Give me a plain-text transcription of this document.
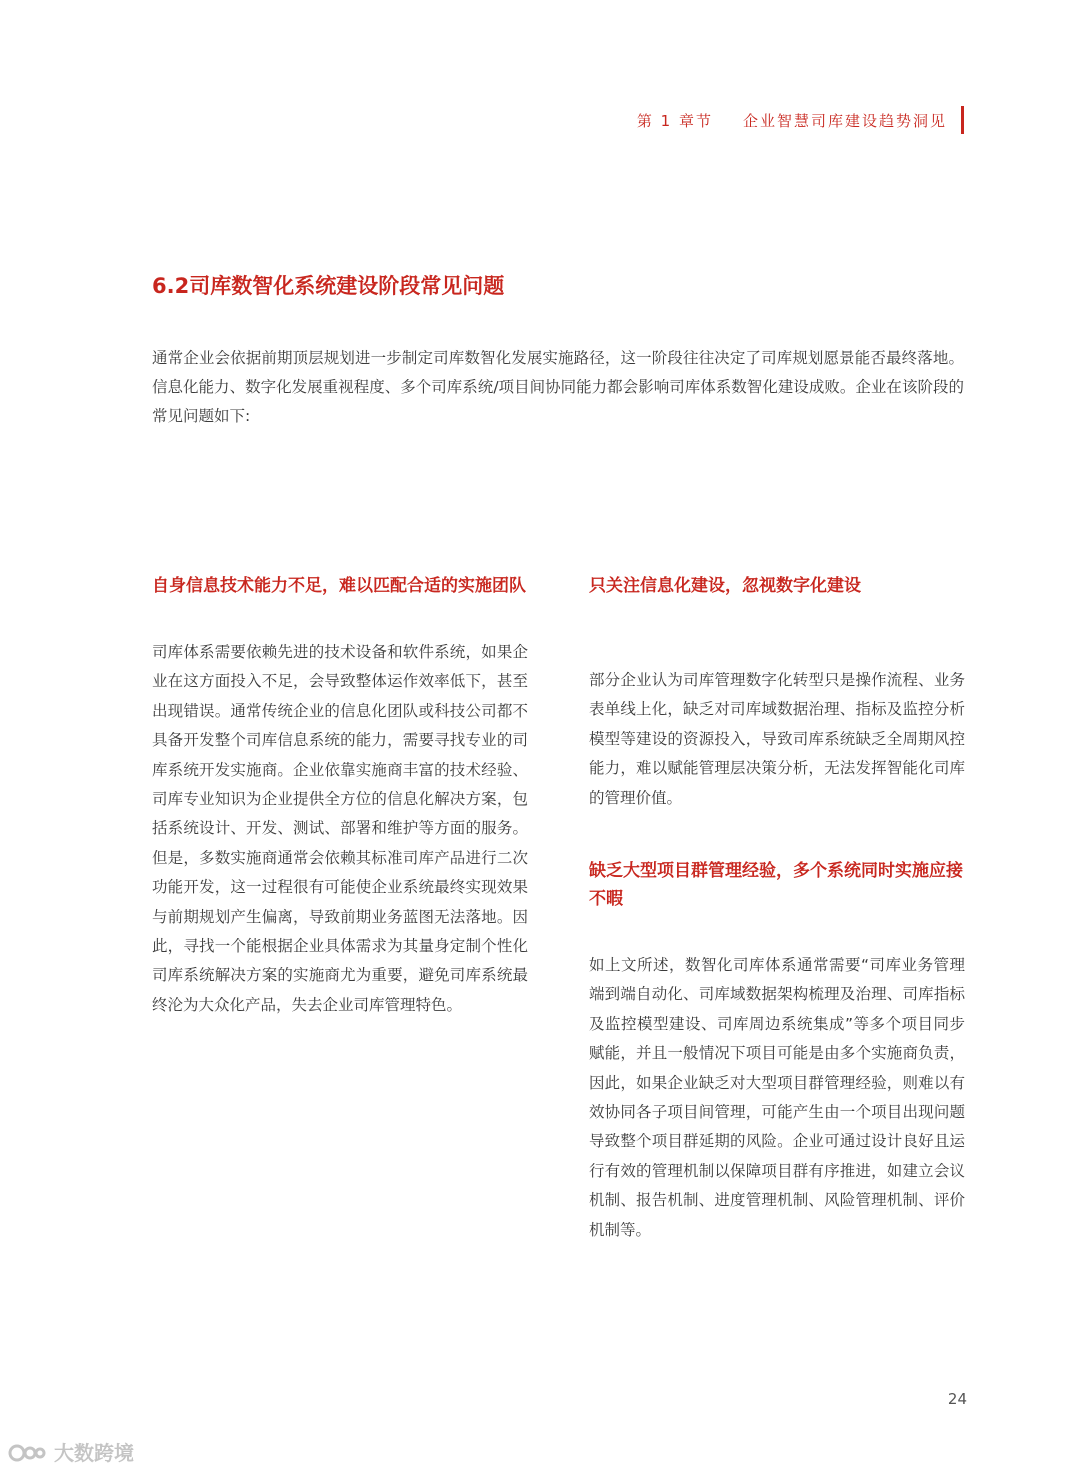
第 1 章节 企业智慧司库建设趋势洞见
6.2司库数智化系统建设阶段常见问题

通常企业会依据前期顶层规划进一步制定司库数智化发展实施路径，这一阶段往往决定了司库规划愿景能否最终落地。信息化能力、数字化发展重视程度、多个司库系统/项目间协同能力都会影响司库体系数智化建设成败。企业在该阶段的常见问题如下:

自身信息技术能力不足，难以匹配合适的实施团队

司库体系需要依赖先进的技术设备和软件系统，如果企业在这方面投入不足，会导致整体运作效率低下，甚至出现错误。通常传统企业的信息化团队或科技公司都不具备开发整个司库信息系统的能力，需要寻找专业的司库系统开发实施商。企业依靠实施商丰富的技术经验、司库专业知识为企业提供全方位的信息化解决方案，包括系统设计、开发、测试、部署和维护等方面的服务。但是，多数实施商通常会依赖其标准司库产品进行二次功能开发，这一过程很有可能使企业系统最终实现效果与前期规划产生偏离，导致前期业务蓝图无法落地。因此，寻找一个能根据企业具体需求为其量身定制个性化司库系统解决方案的实施商尤为重要，避免司库系统最终沦为大众化产品，失去企业司库管理特色。

只关注信息化建设，忽视数字化建设

部分企业认为司库管理数字化转型只是操作流程、业务表单线上化，缺乏对司库域数据治理、指标及监控分析模型等建设的资源投入，导致司库系统缺乏全周期风控能力，难以赋能管理层决策分析，无法发挥智能化司库的管理价值。

缺乏大型项目群管理经验，多个系统同时实施应接不暇

如上文所述，数智化司库体系通常需要“司库业务管理端到端自动化、司库域数据架构梳理及治理、司库指标及监控模型建设、司库周边系统集成”等多个项目同步赋能，并且一般情况下项目可能是由多个实施商负责，因此，如果企业缺乏对大型项目群管理经验，则难以有效协同各子项目间管理，可能产生由一个项目出现问题导致整个项目群延期的风险。企业可通过设计良好且运行有效的管理机制以保障项目群有序推进，如建立会议机制、报告机制、进度管理机制、风险管理机制、评价机制等。

24
大数跨境
